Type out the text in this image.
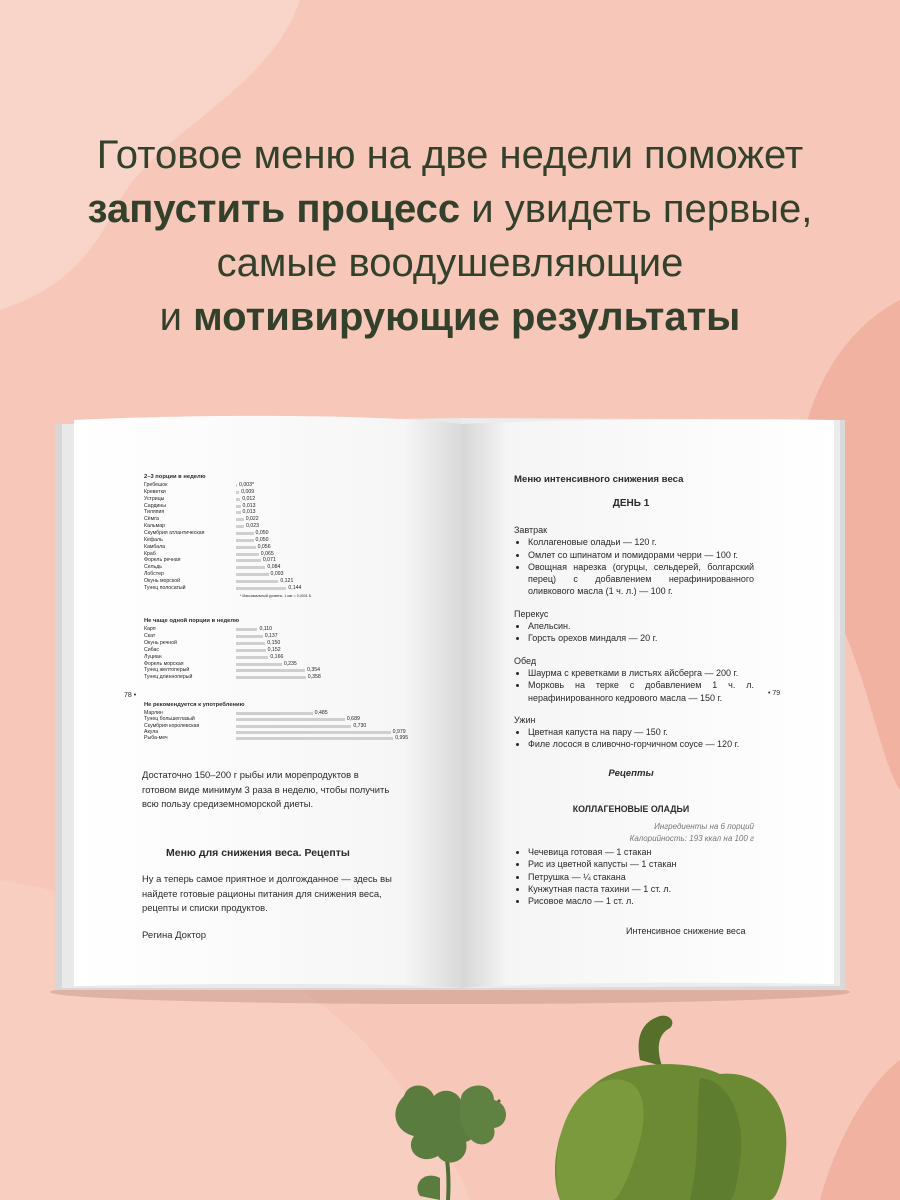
Готовое меню на две недели поможет
запустить процесс и увидеть первые,
самые воодушевляющие
и мотивирующие результаты
2–3 порции в неделю
Гребешок	0,003*
Креветки	0,009
Устрицы	0,012
Сардины	0,013
Тиляпия	0,013
Сёмга	0,022
Кальмар	0,023
Скумбрия атлантическая	0,050
Кефаль	0,050
Камбала	0,056
Краб	0,065
Форель речная	0,071
Сельдь	0,084
Лобстер	0,093
Окунь морской	0,121
Тунец полосатый	0,144
* Максимальный уровень. 1 мкг = 0,0001 Б.
Не чаще одной порции в неделю
Карп	0,110
Скат	0,137
Окунь речной	0,150
Сибас	0,152
Луциан	0,166
Форель морская	0,235
Тунец желтоперый	0,354
Тунец длинноперый	0,358
78 •
Не рекомендуется к употреблению
Марлин	0,485
Тунец большеглазый	0,689
Скумбрия королевская	0,730
Акула	0,979
Рыба-меч	0,995
Достаточно 150–200 г рыбы или морепродуктов в готовом виде минимум 3 раза в неделю, чтобы получить всю пользу средиземноморской диеты.
Меню для снижения веса. Рецепты
Ну а теперь самое приятное и долгожданное — здесь вы найдете готовые рационы питания для снижения веса, рецепты и списки продуктов.
Регина Доктор
Меню интенсивного снижения веса
ДЕНЬ 1
Завтрак
• Коллагеновые оладьи — 120 г.
• Омлет со шпинатом и помидорами черри — 100 г.
• Овощная нарезка (огурцы, сельдерей, болгарский перец) с добавлением нерафинированного оливкового масла (1 ч. л.) — 100 г.
Перекус
• Апельсин.
• Горсть орехов миндаля — 20 г.
Обед
• Шаурма с креветками в листьях айсберга — 200 г.
• Морковь на терке с добавлением 1 ч. л. нерафинированного кедрового масла — 150 г.
Ужин
• Цветная капуста на пару — 150 г.
• Филе лосося в сливочно-горчичном соусе — 120 г.
Рецепты
КОЛЛАГЕНОВЫЕ ОЛАДЬИ
Ингредиенты на 6 порций
Калорийность: 193 ккал на 100 г
• Чечевица готовая — 1 стакан
• Рис из цветной капусты — 1 стакан
• Петрушка — ¼ стакана
• Кунжутная паста тахини — 1 ст. л.
• Рисовое масло — 1 ст. л.
Интенсивное снижение веса
• 79
